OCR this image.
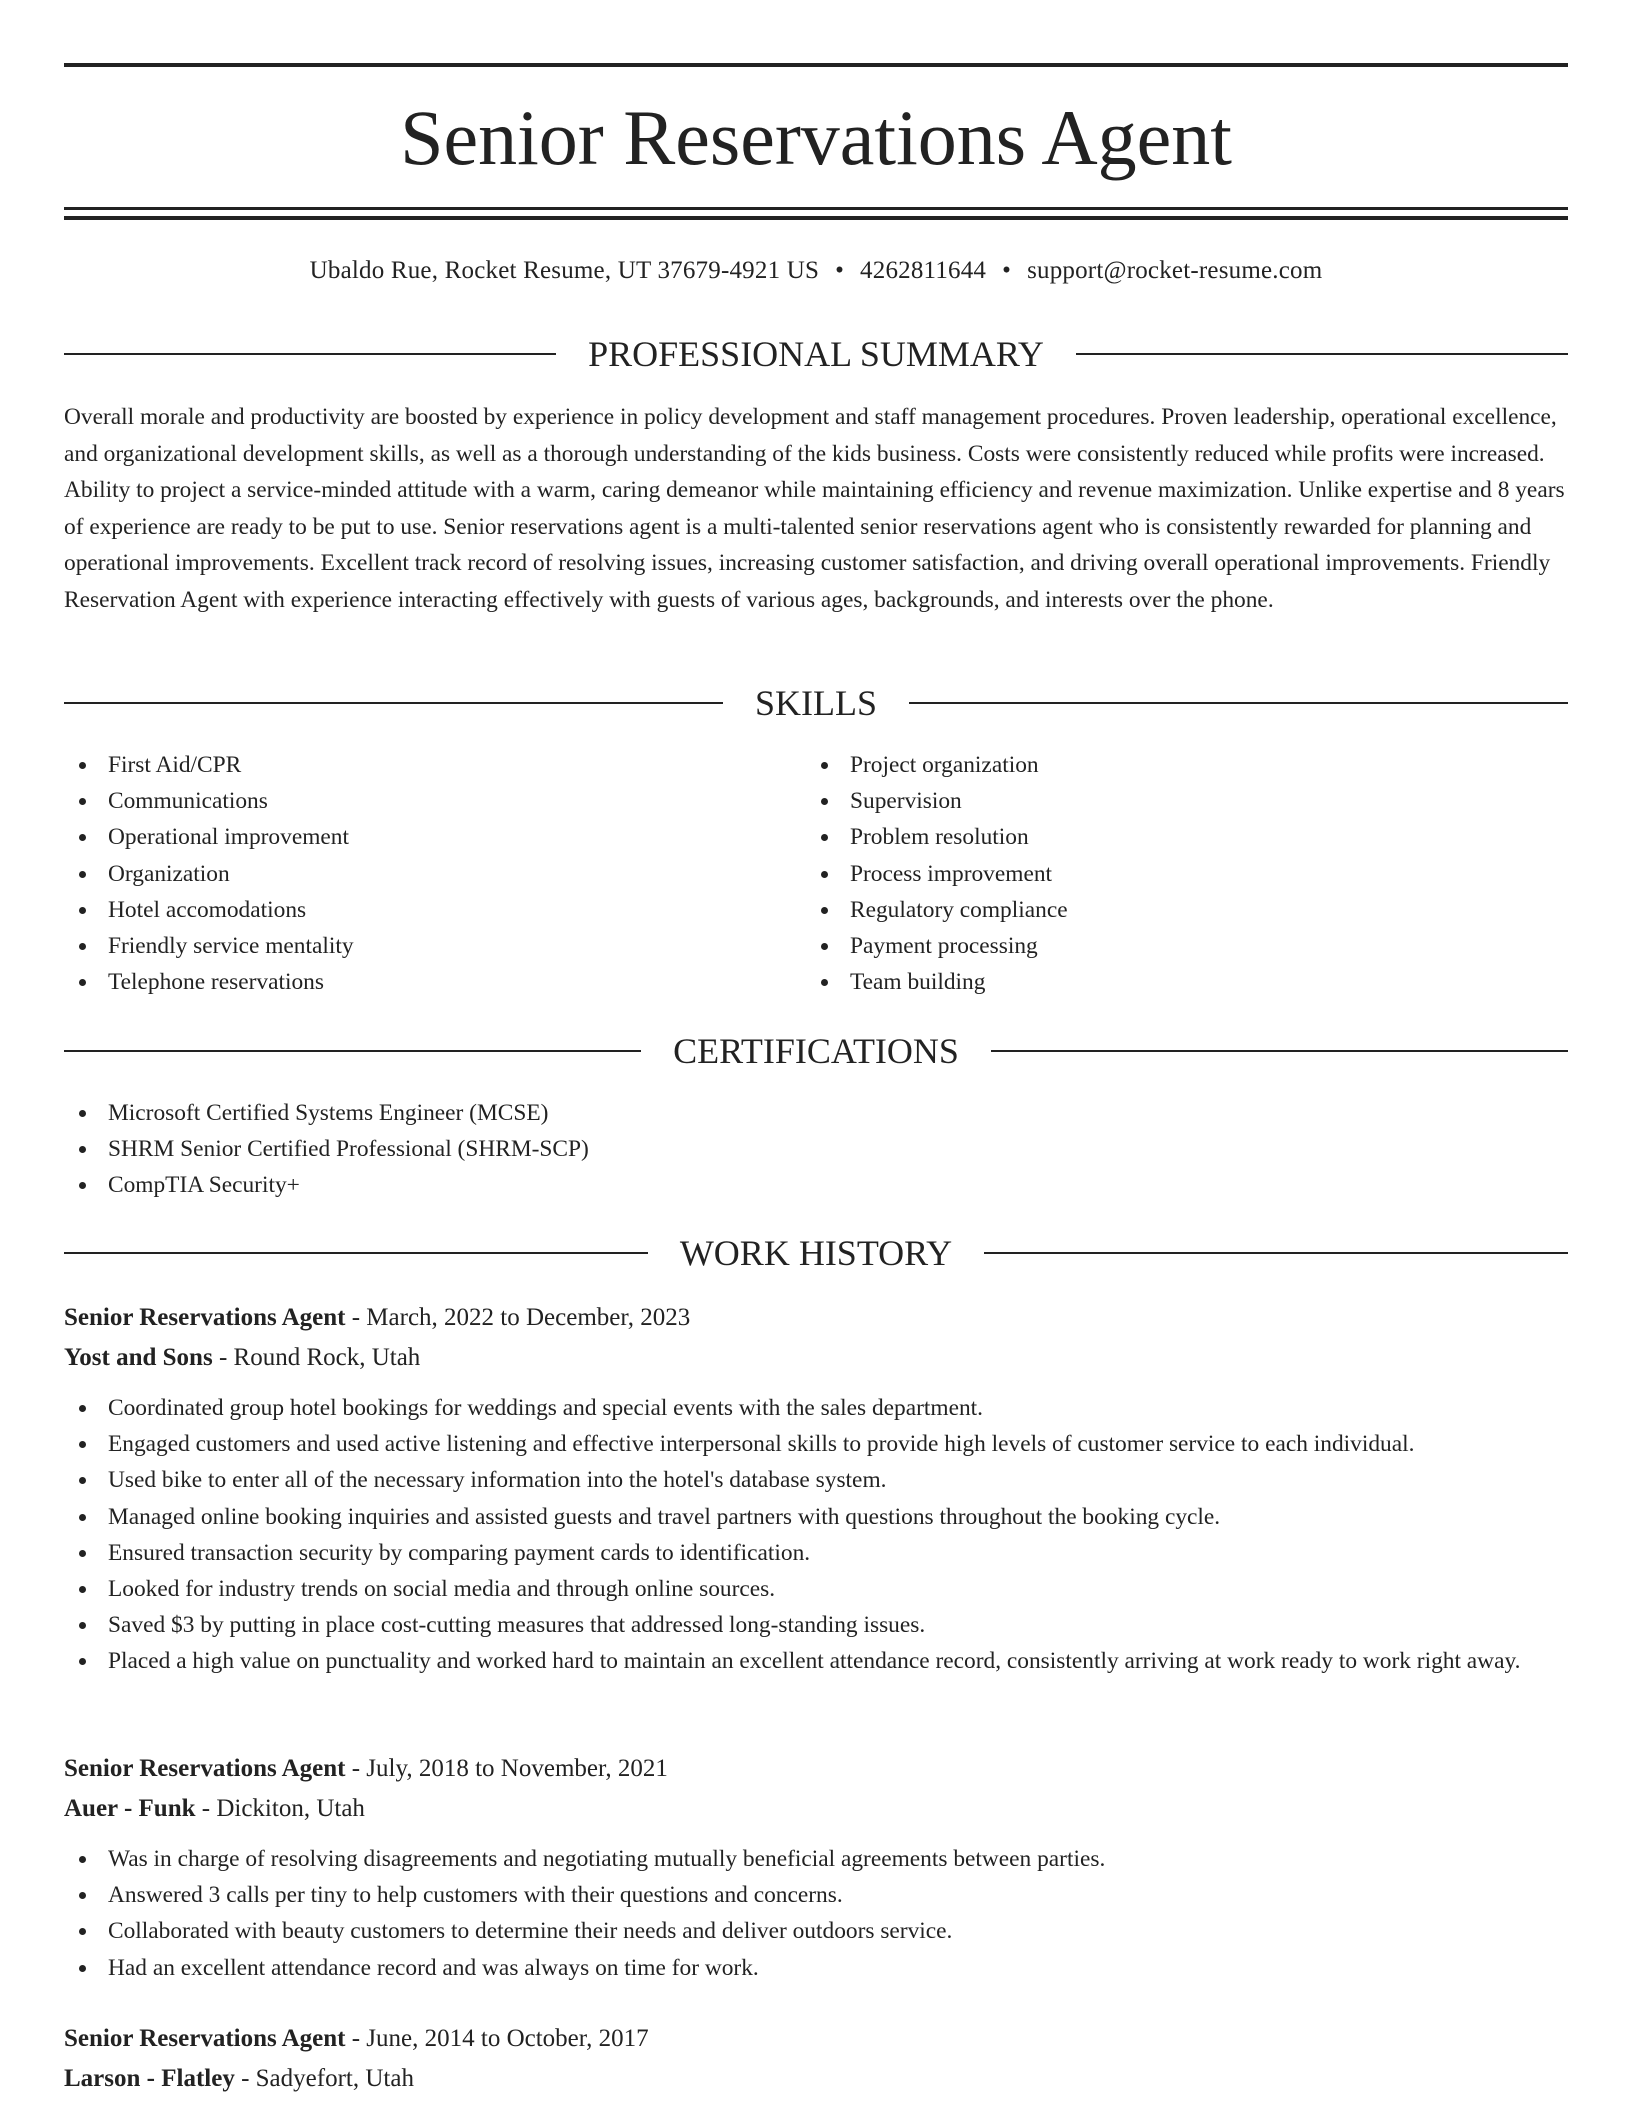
Senior Reservations Agent
Ubaldo Rue, Rocket Resume, UT 37679-4921 US • 4262811644 • support@rocket-resume.com
PROFESSIONAL SUMMARY

Overall morale and productivity are boosted by experience in policy development and staff management procedures. Proven leadership, operational excellence, and organizational development skills, as well as a thorough understanding of the kids business. Costs were consistently reduced while profits were increased. Ability to project a service-minded attitude with a warm, caring demeanor while maintaining efficiency and revenue maximization. Unlike expertise and 8 years of experience are ready to be put to use. Senior reservations agent is a multi-talented senior reservations agent who is consistently rewarded for planning and operational improvements. Excellent track record of resolving issues, increasing customer satisfaction, and driving overall operational improvements. Friendly Reservation Agent with experience interacting effectively with guests of various ages, backgrounds, and interests over the phone.

SKILLS
First Aid/CPR
Communications
Operational improvement
Organization
Hotel accomodations
Friendly service mentality
Telephone reservations
Project organization
Supervision
Problem resolution
Process improvement
Regulatory compliance
Payment processing
Team building
CERTIFICATIONS
Microsoft Certified Systems Engineer (MCSE)
SHRM Senior Certified Professional (SHRM-SCP)
CompTIA Security+
WORK HISTORY
Senior Reservations Agent - March, 2022 to December, 2023
Yost and Sons - Round Rock, Utah
Coordinated group hotel bookings for weddings and special events with the sales department.
Engaged customers and used active listening and effective interpersonal skills to provide high levels of customer service to each individual.
Used bike to enter all of the necessary information into the hotel's database system.
Managed online booking inquiries and assisted guests and travel partners with questions throughout the booking cycle.
Ensured transaction security by comparing payment cards to identification.
Looked for industry trends on social media and through online sources.
Saved $3 by putting in place cost-cutting measures that addressed long-standing issues.
Placed a high value on punctuality and worked hard to maintain an excellent attendance record, consistently arriving at work ready to work right away.
Senior Reservations Agent - July, 2018 to November, 2021
Auer - Funk - Dickiton, Utah
Was in charge of resolving disagreements and negotiating mutually beneficial agreements between parties.
Answered 3 calls per tiny to help customers with their questions and concerns.
Collaborated with beauty customers to determine their needs and deliver outdoors service.
Had an excellent attendance record and was always on time for work.
Senior Reservations Agent - June, 2014 to October, 2017
Larson - Flatley - Sadyefort, Utah
